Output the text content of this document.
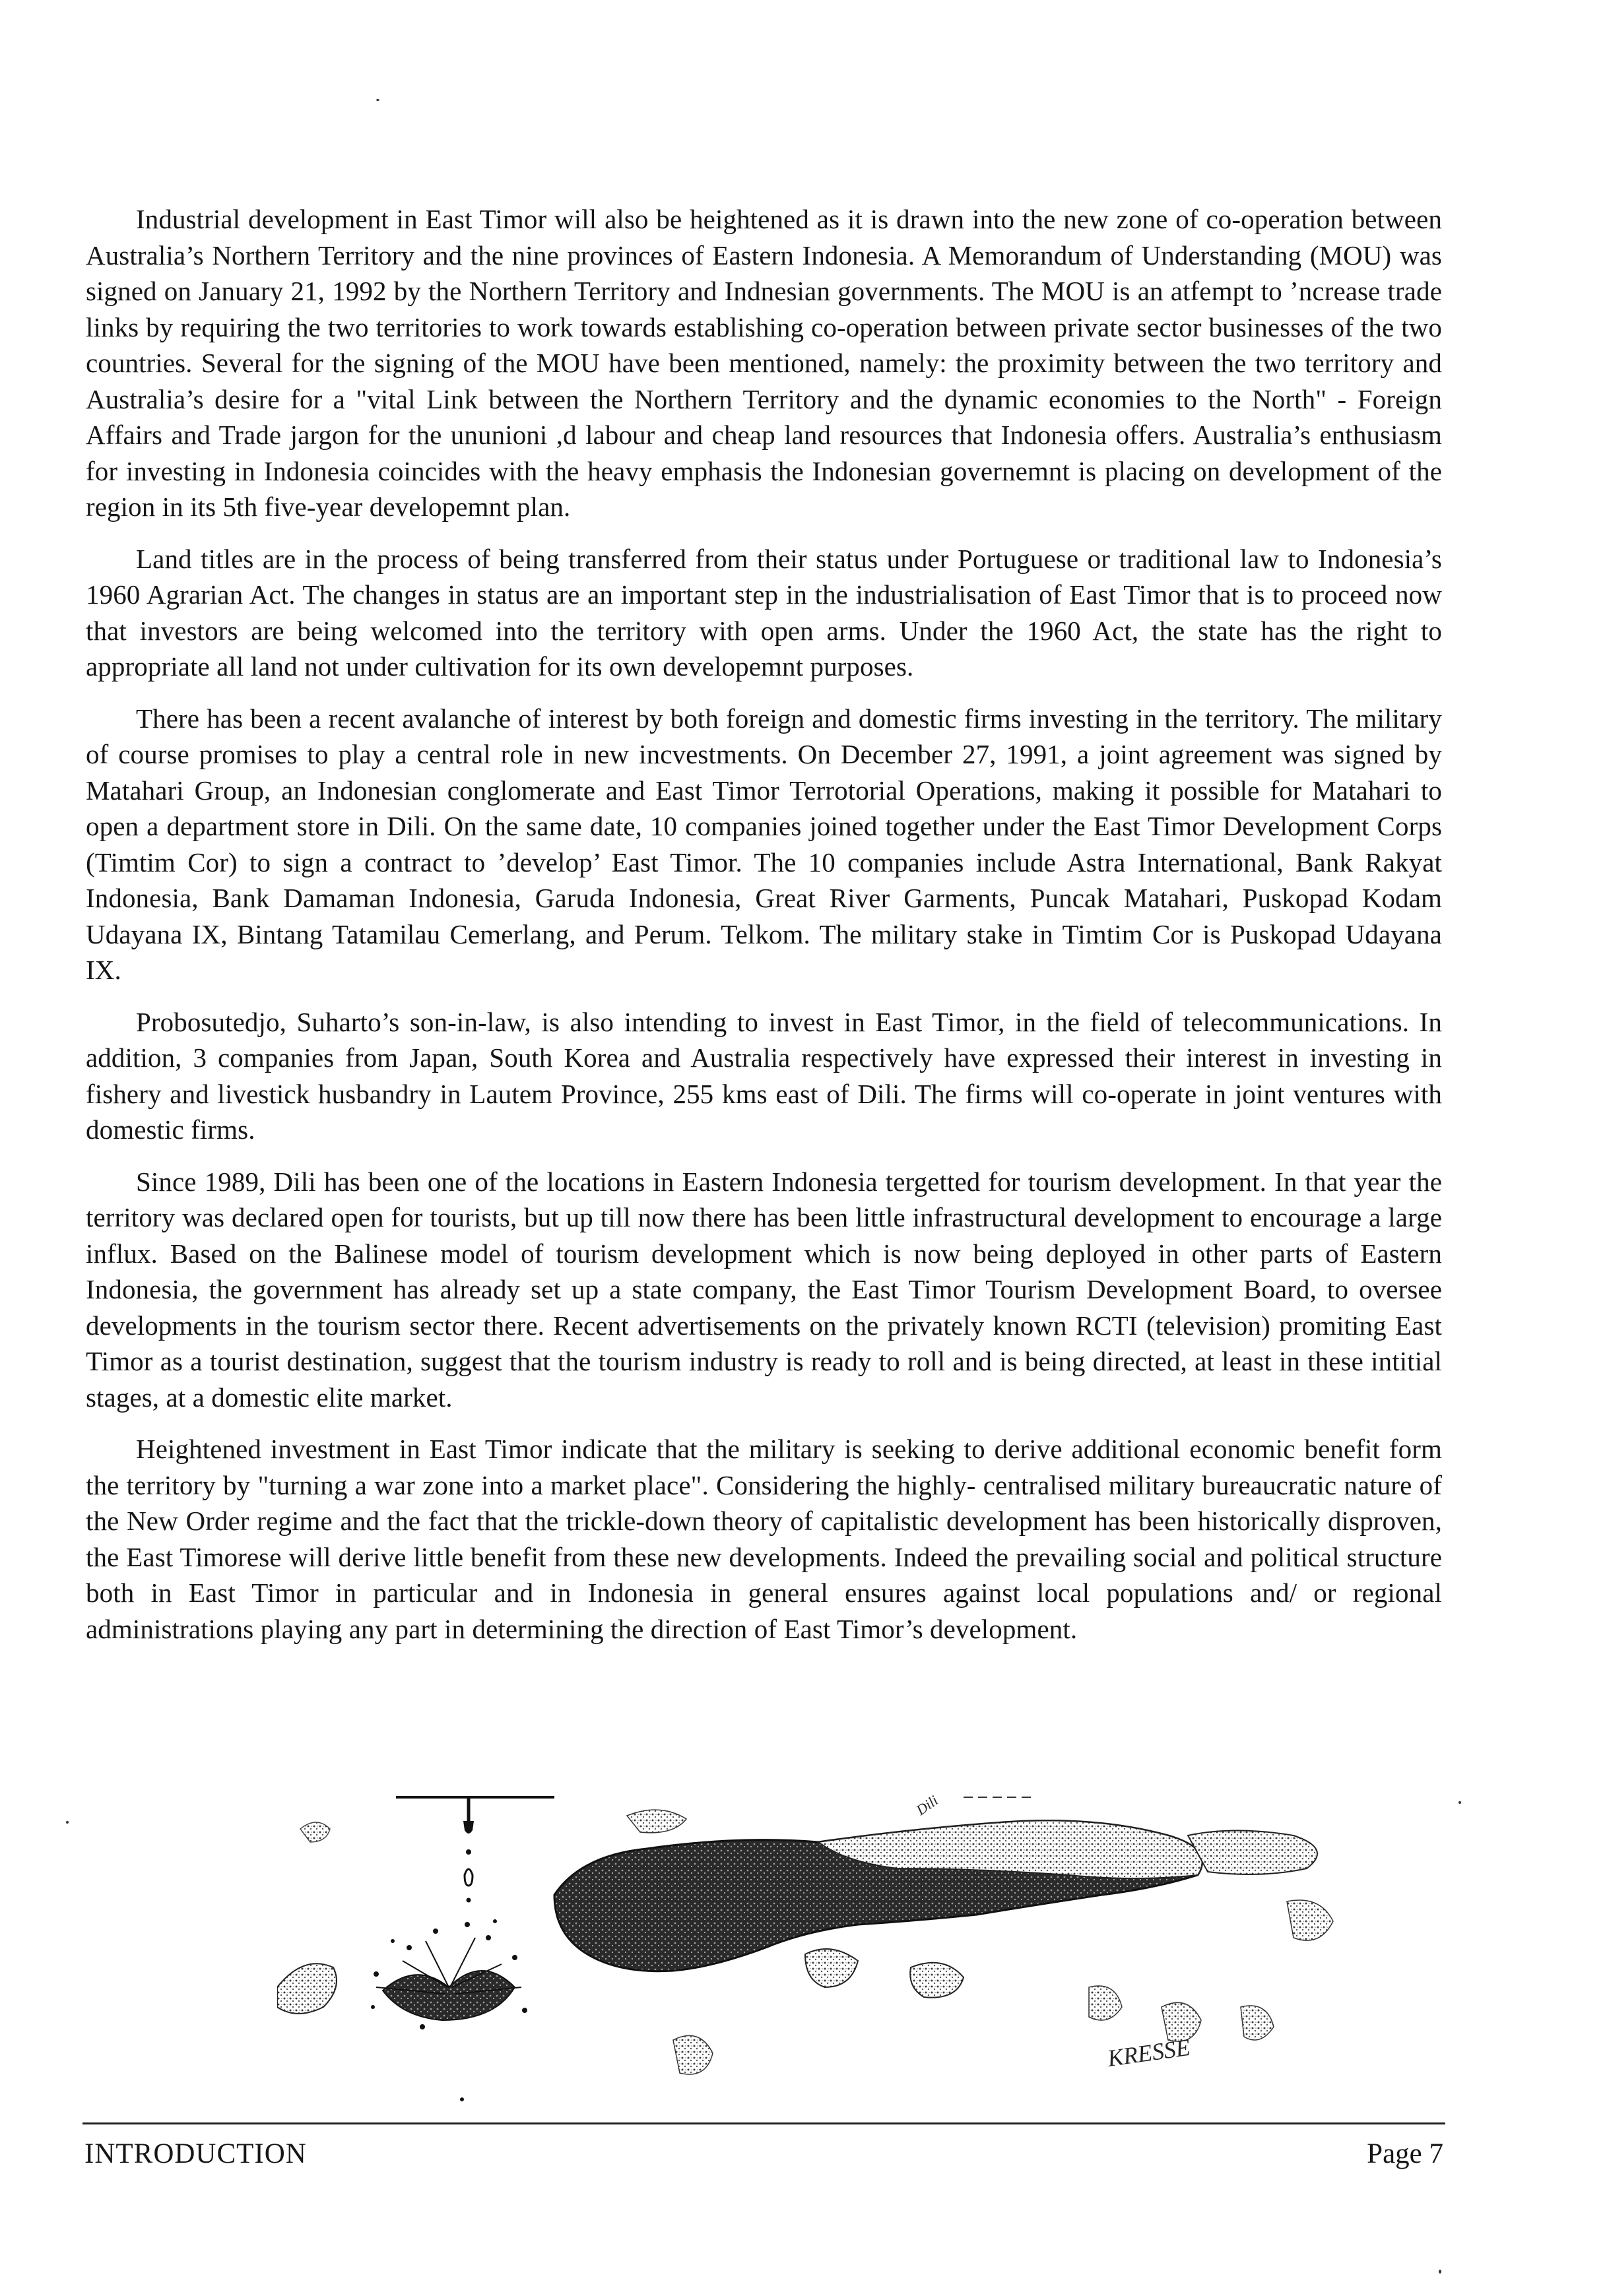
Industrial development in East Timor will also be heightened as it is drawn into the new zone of co-operation between Australia’s Northern Territory and the nine provinces of Eastern Indonesia. A Memorandum of Understanding (MOU) was signed on January 21, 1992 by the Northern Territory and Indnesian governments. The MOU is an atfempt to ’ncrease trade links by requiring the two territories to work towards establishing co-operation between private sector businesses of the two countries. Several for the signing of the MOU have been mentioned, namely: the proximity between the two territory and Australia’s desire for a "vital Link between the Northern Territory and the dynamic economies to the North" - Foreign Affairs and Trade jargon for the ununioni ,d labour and cheap land resources that Indonesia offers. Australia’s enthusiasm for investing in Indonesia coincides with the heavy emphasis the Indonesian governemnt is placing on development of the region in its 5th five-year developemnt plan.

Land titles are in the process of being transferred from their status under Portuguese or traditional law to Indonesia’s 1960 Agrarian Act. The changes in status are an important step in the industrialisation of East Timor that is to proceed now that investors are being welcomed into the territory with open arms. Under the 1960 Act, the state has the right to appropriate all land not under cultivation for its own developemnt purposes.

There has been a recent avalanche of interest by both foreign and domestic firms investing in the territory. The military of course promises to play a central role in new incvestments. On December 27, 1991, a joint agreement was signed by Matahari Group, an Indonesian conglomerate and East Timor Terrotorial Operations, making it possible for Matahari to open a department store in Dili. On the same date, 10 companies joined together under the East Timor Development Corps (Timtim Cor) to sign a contract to ’develop’ East Timor. The 10 companies include Astra International, Bank Rakyat Indonesia, Bank Damaman Indonesia, Garuda Indonesia, Great River Garments, Puncak Matahari, Puskopad Kodam Udayana IX, Bintang Tatamilau Cemerlang, and Perum. Telkom. The military stake in Timtim Cor is Puskopad Udayana IX.

Probosutedjo, Suharto’s son-in-law, is also intending to invest in East Timor, in the field of telecommunications. In addition, 3 companies from Japan, South Korea and Australia respectively have expressed their interest in investing in fishery and livestick husbandry in Lautem Province, 255 kms east of Dili. The firms will co-operate in joint ventures with domestic firms.

Since 1989, Dili has been one of the locations in Eastern Indonesia tergetted for tourism development. In that year the territory was declared open for tourists, but up till now there has been little infrastructural development to encourage a large influx. Based on the Balinese model of tourism development which is now being deployed in other parts of Eastern Indonesia, the government has already set up a state company, the East Timor Tourism Development Board, to oversee developments in the tourism sector there. Recent advertisements on the privately known RCTI (television) promiting East Timor as a tourist destination, suggest that the tourism industry is ready to roll and is being directed, at least in these intitial stages, at a domestic elite market.

Heightened investment in East Timor indicate that the military is seeking to derive additional economic benefit form the territory by "turning a war zone into a market place". Considering the highly- centralised military bureaucratic nature of the New Order regime and the fact that the trickle-down theory of capitalistic development has been historically disproven, the East Timorese will derive little benefit from these new developments. Indeed the prevailing social and political structure both in East Timor in particular and in Indonesia in general ensures against local populations and/ or regional administrations playing any part in determining the direction of East Timor’s development.

Dili
KRESSE
INTRODUCTION	Page 7
